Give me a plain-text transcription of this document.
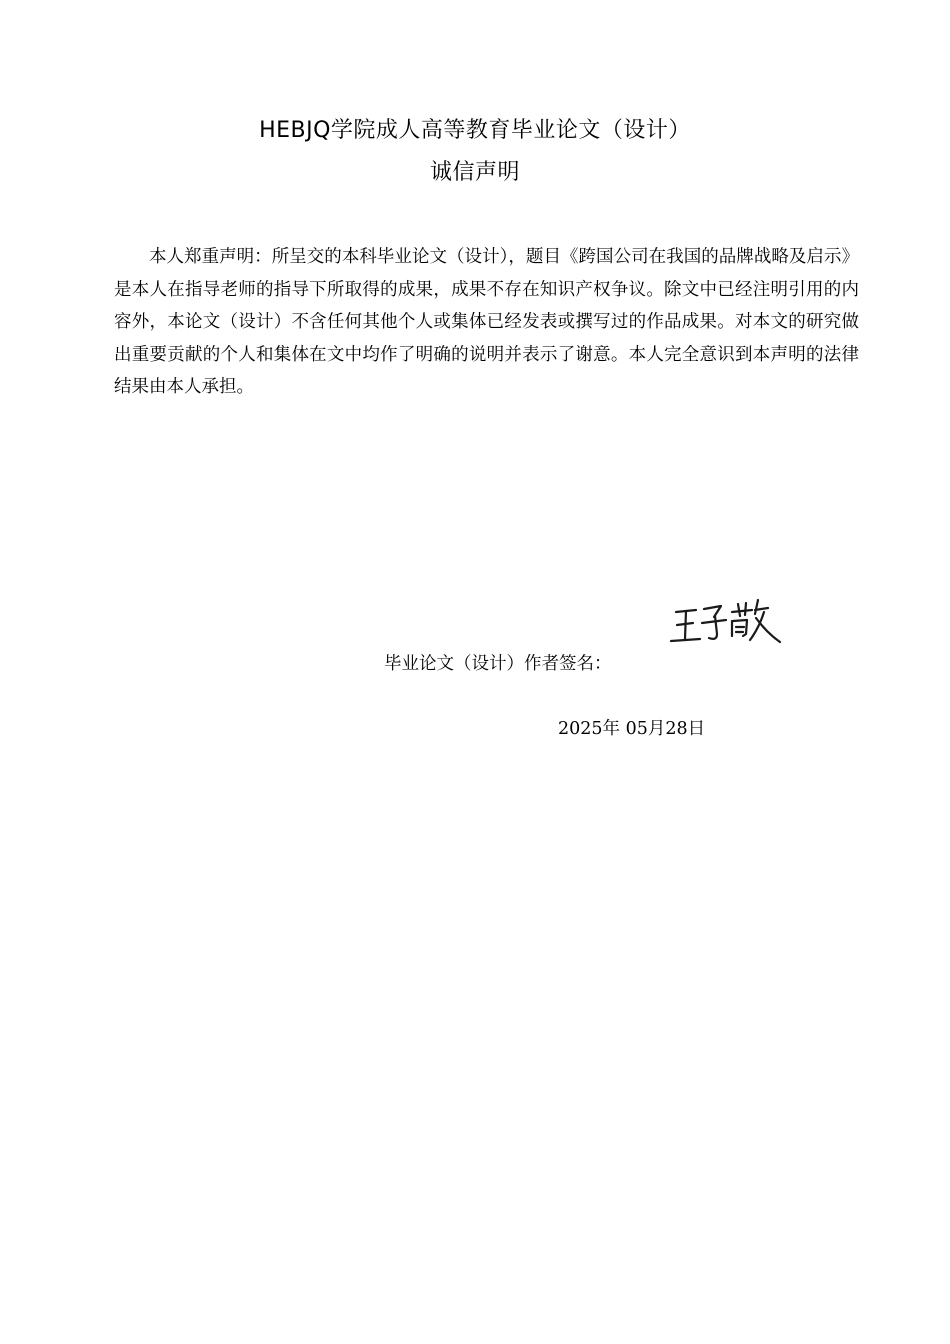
HEBJQ学院成人高等教育毕业论文（设计）
诚信声明

本人郑重声明：所呈交的本科毕业论文（设计），题目《跨国公司在我国的品牌战略及启示》是本人在指导老师的指导下所取得的成果，成果不存在知识产权争议。除文中已经注明引用的内容外，本论文（设计）不含任何其他个人或集体已经发表或撰写过的作品成果。对本文的研究做出重要贡献的个人和集体在文中均作了明确的说明并表示了谢意。本人完全意识到本声明的法律结果由本人承担。

毕业论文（设计）作者签名：
2025年 05月28日
